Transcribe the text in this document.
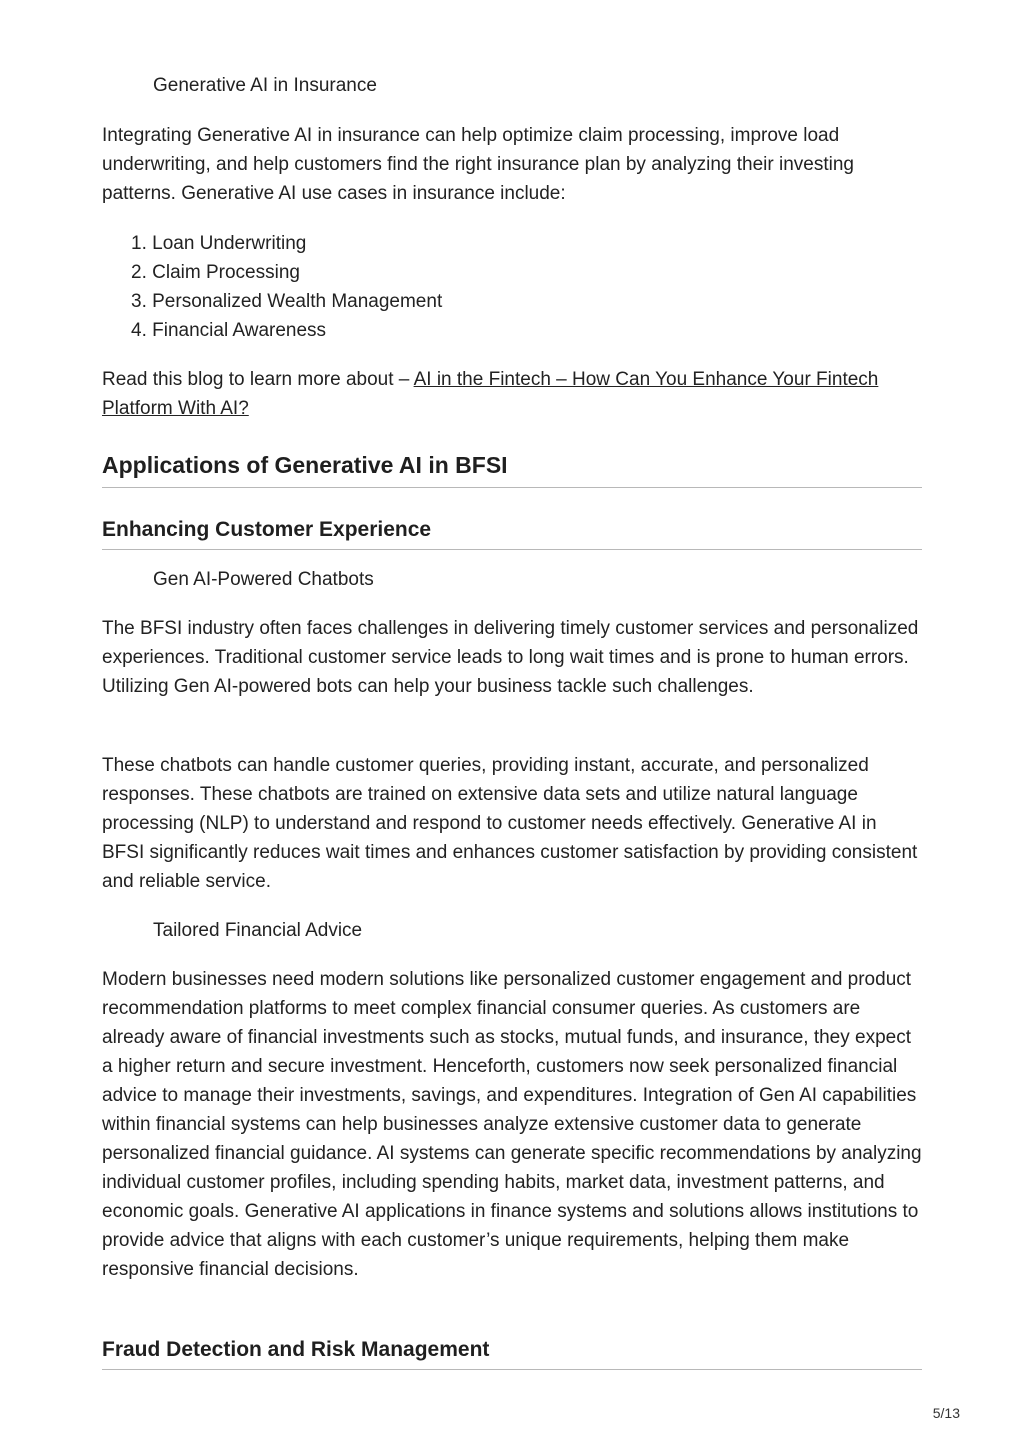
Generative AI in Insurance
Integrating Generative AI in insurance can help optimize claim processing, improve load underwriting, and help customers find the right insurance plan by analyzing their investing patterns. Generative AI use cases in insurance include:
1. Loan Underwriting
2. Claim Processing
3. Personalized Wealth Management
4. Financial Awareness
Read this blog to learn more about – AI in the Fintech – How Can You Enhance Your Fintech Platform With AI?
Applications of Generative AI in BFSI
Enhancing Customer Experience
Gen AI-Powered Chatbots
The BFSI industry often faces challenges in delivering timely customer services and personalized experiences. Traditional customer service leads to long wait times and is prone to human errors. Utilizing Gen AI-powered bots can help your business tackle such challenges.
These chatbots can handle customer queries, providing instant, accurate, and personalized responses. These chatbots are trained on extensive data sets and utilize natural language processing (NLP) to understand and respond to customer needs effectively. Generative AI in BFSI significantly reduces wait times and enhances customer satisfaction by providing consistent and reliable service.
Tailored Financial Advice
Modern businesses need modern solutions like personalized customer engagement and product recommendation platforms to meet complex financial consumer queries. As customers are already aware of financial investments such as stocks, mutual funds, and insurance, they expect a higher return and secure investment. Henceforth, customers now seek personalized financial advice to manage their investments, savings, and expenditures. Integration of Gen AI capabilities within financial systems can help businesses analyze extensive customer data to generate personalized financial guidance. AI systems can generate specific recommendations by analyzing individual customer profiles, including spending habits, market data, investment patterns, and economic goals. Generative AI applications in finance systems and solutions allows institutions to provide advice that aligns with each customer’s unique requirements, helping them make responsive financial decisions.
Fraud Detection and Risk Management
5/13
